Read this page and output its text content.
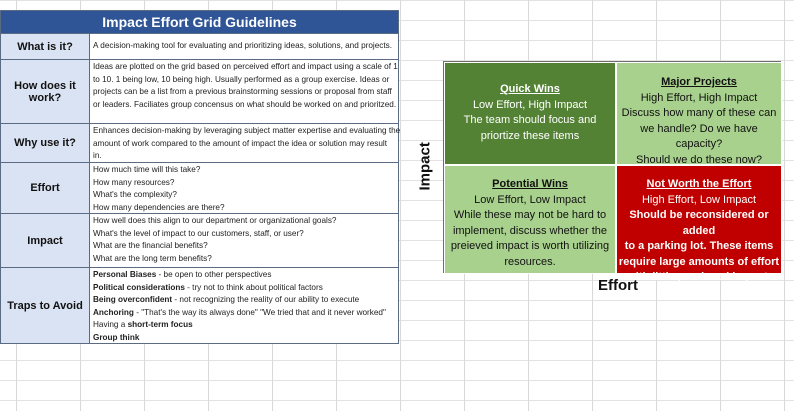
Impact Effort Grid Guidelines
What is it?	A decision-making tool for evaluating and prioritizing ideas, solutions, and projects.
How does it work?
Ideas are plotted on the grid based on perceived effort and impact using a scale of 1
to 10. 1 being low, 10 being high. Usually performed as a group exercise. Ideas or
projects can be a list from a previous brainstorming sessions or proposal from staff
or leaders. Faciliates group concensus on what should be worked on and prioritzed.
Why use it?
Enhances decision-making by leveraging subject matter expertise and evaluating the
amount of work compared to the amount of impact the idea or solution may result
in.
Effort
How much time will this take?
How many resources?
What's the complexity?
How many dependencies are there?
Impact
How well does this align to our department or organizational goals?
What's the level of impact to our customers, staff, or user?
What are the financial benefits?
What are the long term benefits?
Traps to Avoid
Personal Biases - be open to other perspectives
Political considerations - try not to think about political factors
Being overconfident - not recognizing the reality of our ability to execute
Anchoring - "That's the way its always done" "We tried that and it never worked"
Having a short-term focus
Group think
Impact
Quick Wins
Low Effort, High Impact
The team should focus and
priortize these items
Major Projects
High Effort, High Impact
Discuss how many of these can
we handle? Do we have capacity?
Should we do these now?
Potential Wins
Low Effort, Low Impact
While these may not be hard to
implement, discuss whether the
preieved impact is worth utilizing
resources.
Not Worth the Effort
High Effort, Low Impact
Should be reconsidered or added
to a parking lot. These items
require large amounts of effort
with little percieved impact.
Effort
